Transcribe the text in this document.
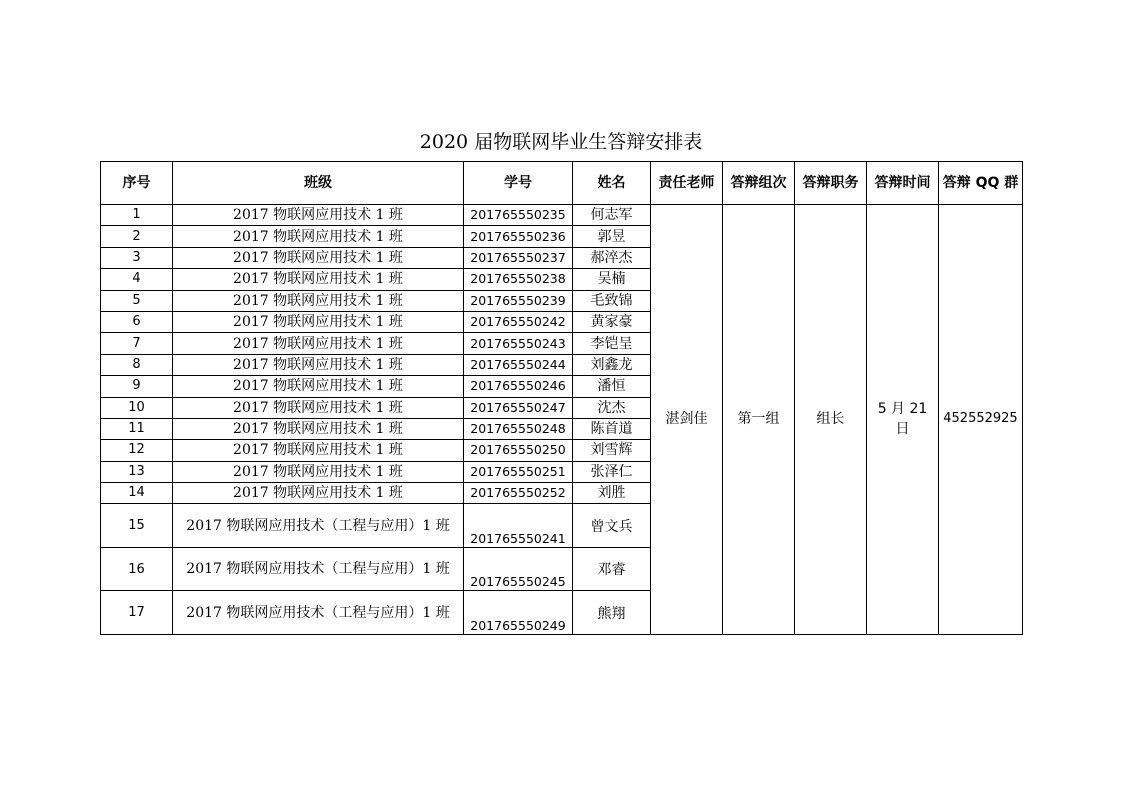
2020 届物联网毕业生答辩安排表
序号	班级	学号	姓名	责任老师	答辩组次	答辩职务	答辩时间	答辩 QQ 群
1	2017 物联网应用技术 1 班	201765550235	何志军	湛剑佳	第一组	组长	5 月 21 日	452552925
2	2017 物联网应用技术 1 班	201765550236	郭昱					
3	2017 物联网应用技术 1 班	201765550237	郝淬杰					
4	2017 物联网应用技术 1 班	201765550238	吴楠					
5	2017 物联网应用技术 1 班	201765550239	毛致锦					
6	2017 物联网应用技术 1 班	201765550242	黄家豪					
7	2017 物联网应用技术 1 班	201765550243	李铠呈					
8	2017 物联网应用技术 1 班	201765550244	刘鑫龙					
9	2017 物联网应用技术 1 班	201765550246	潘恒					
10	2017 物联网应用技术 1 班	201765550247	沈杰					
11	2017 物联网应用技术 1 班	201765550248	陈首道					
12	2017 物联网应用技术 1 班	201765550250	刘雪辉					
13	2017 物联网应用技术 1 班	201765550251	张泽仁					
14	2017 物联网应用技术 1 班	201765550252	刘胜					
15	2017 物联网应用技术（工程与应用）1 班	201765550241	曾文兵					
16	2017 物联网应用技术（工程与应用）1 班	201765550245	邓睿					
17	2017 物联网应用技术（工程与应用）1 班	201765550249	熊翔					
